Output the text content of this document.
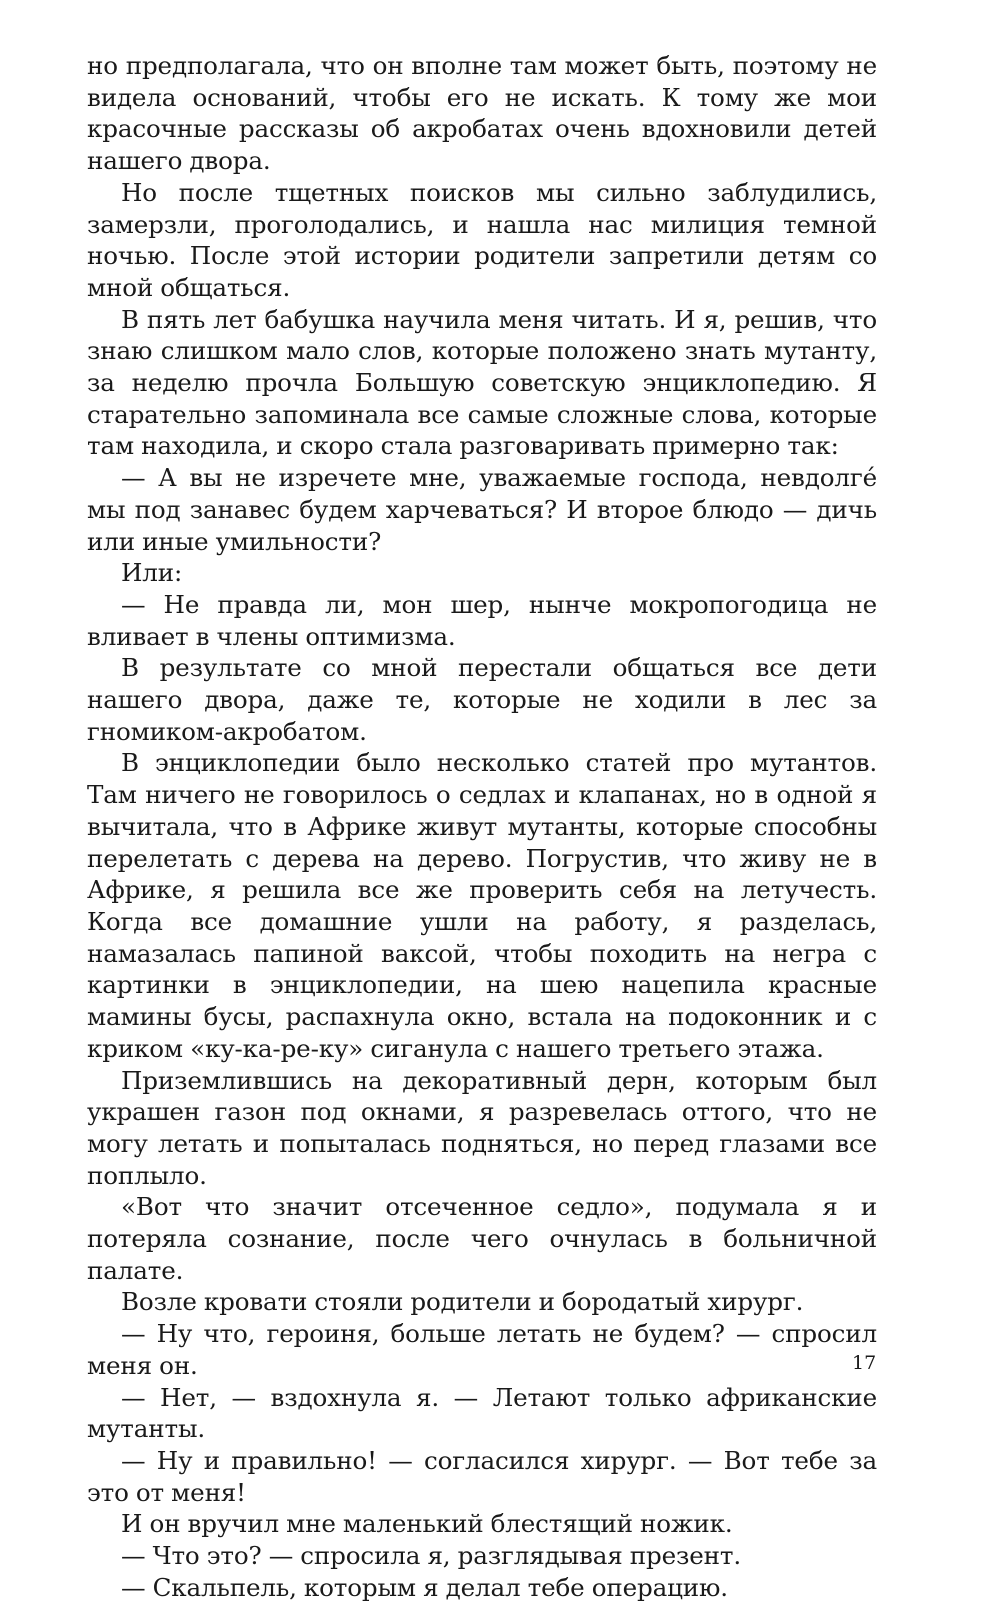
но предполагала, что он вполне там может быть, поэтому не видела оснований, чтобы его не искать. К тому же мои красочные рассказы об акробатах очень вдохновили детей нашего двора.

Но после тщетных поисков мы сильно заблудились, замерзли, проголодались, и нашла нас милиция темной ночью. После этой истории родители запретили детям со мной общаться.

В пять лет бабушка научила меня читать. И я, решив, что знаю слишком мало слов, которые положено знать мутанту, за неделю прочла Большую советскую энциклопедию. Я старательно запоминала все самые сложные слова, которые там находила, и скоро стала разговаривать примерно так:

— А вы не изречете мне, уважаемые господа, невдолге́ мы под занавес будем харчеваться? И второе блюдо — дичь или иные умильности?

Или:

— Не правда ли, мон шер, нынче мокропогодица не вливает в члены оптимизма.

В результате со мной перестали общаться все дети нашего двора, даже те, которые не ходили в лес за гномиком-акробатом.

В энциклопедии было несколько статей про мутантов. Там ничего не говорилось о седлах и клапанах, но в одной я вычитала, что в Африке живут мутанты, которые способны перелетать с дерева на дерево. Погрустив, что живу не в Африке, я решила все же проверить себя на летучесть. Когда все домашние ушли на работу, я разделась, намазалась папиной ваксой, чтобы походить на негра с картинки в энциклопедии, на шею нацепила красные мамины бусы, распахнула окно, встала на подоконник и с криком «ку-ка-ре-ку» сиганула с нашего третьего этажа.

Приземлившись на декоративный дерн, которым был украшен газон под окнами, я разревелась оттого, что не могу летать и попыталась подняться, но перед глазами все поплыло.

«Вот что значит отсеченное седло», подумала я и потеряла сознание, после чего очнулась в больничной палате.

Возле кровати стояли родители и бородатый хирург.

— Ну что, героиня, больше летать не будем? — спросил меня он.

— Нет, — вздохнула я. — Летают только африканские мутанты.

— Ну и правильно! — согласился хирург. — Вот тебе за это от меня!

И он вручил мне маленький блестящий ножик.

— Что это? — спросила я, разглядывая презент.

— Скальпель, которым я делал тебе операцию.

17
